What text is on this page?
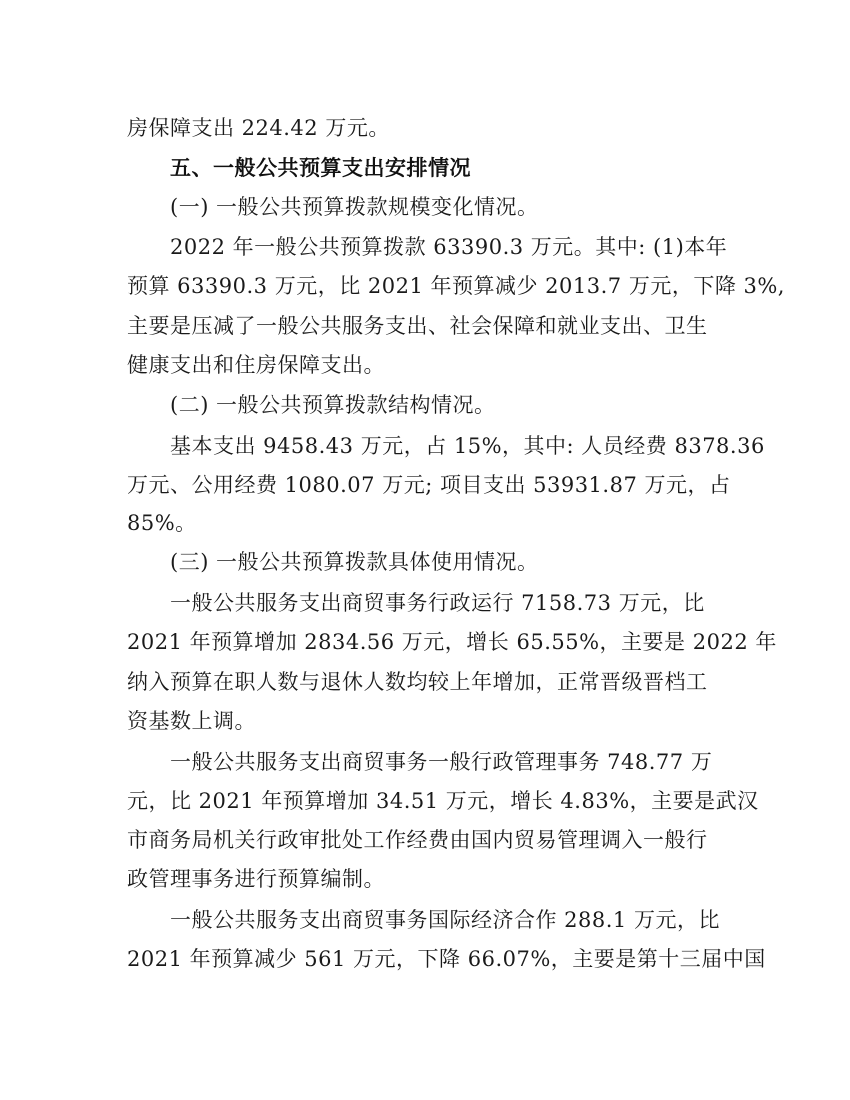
房保障支出 224.42 万元。
五、一般公共预算支出安排情况
(一) 一般公共预算拨款规模变化情况。
2022 年一般公共预算拨款 63390.3 万元。其中: (1)本年
预算 63390.3 万元，比 2021 年预算减少 2013.7 万元，下降 3%,
主要是压减了一般公共服务支出、社会保障和就业支出、卫生
健康支出和住房保障支出。
(二) 一般公共预算拨款结构情况。
基本支出 9458.43 万元，占 15%，其中: 人员经费 8378.36
万元、公用经费 1080.07 万元; 项目支出 53931.87 万元，占
85%。
(三) 一般公共预算拨款具体使用情况。
一般公共服务支出商贸事务行政运行 7158.73 万元，比
2021 年预算增加 2834.56 万元，增长 65.55%，主要是 2022 年
纳入预算在职人数与退休人数均较上年增加，正常晋级晋档工
资基数上调。
一般公共服务支出商贸事务一般行政管理事务 748.77 万
元，比 2021 年预算增加 34.51 万元，增长 4.83%，主要是武汉
市商务局机关行政审批处工作经费由国内贸易管理调入一般行
政管理事务进行预算编制。
一般公共服务支出商贸事务国际经济合作 288.1 万元，比
2021 年预算减少 561 万元，下降 66.07%，主要是第十三届中国
